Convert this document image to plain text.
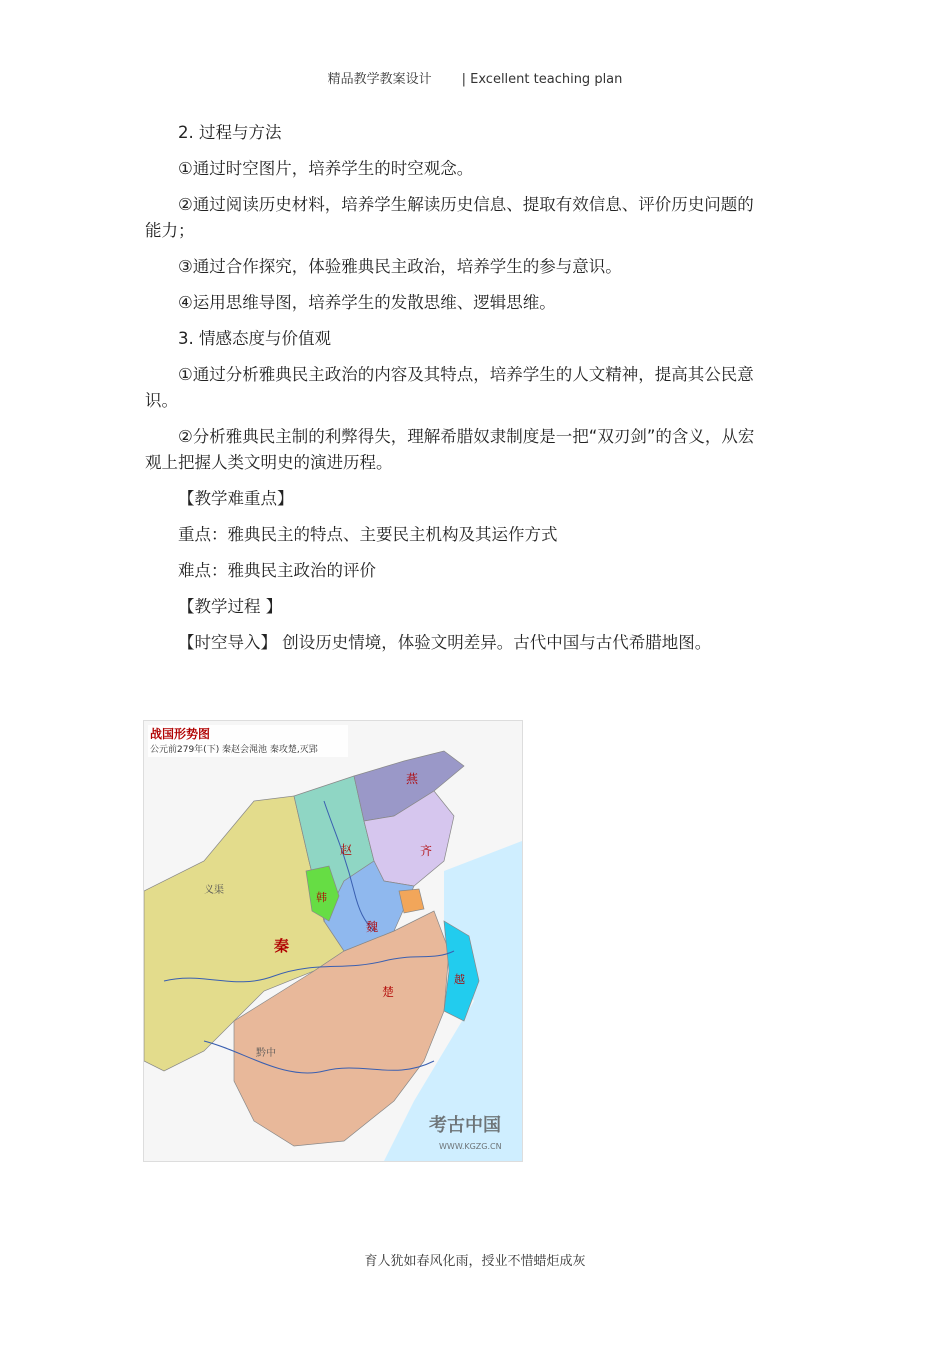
精品教学教案设计 | Excellent teaching plan

2. 过程与方法

①通过时空图片，培养学生的时空观念。

②通过阅读历史材料，培养学生解读历史信息、提取有效信息、评价历史问题的能力；

③通过合作探究，体验雅典民主政治，培养学生的参与意识。

④运用思维导图，培养学生的发散思维、逻辑思维。

3. 情感态度与价值观

①通过分析雅典民主政治的内容及其特点，培养学生的人文精神，提高其公民意识。

②分析雅典民主制的利弊得失，理解希腊奴隶制度是一把“双刃剑”的含义，从宏观上把握人类文明史的演进历程。

【教学难重点】

重点：雅典民主的特点、主要民主机构及其运作方式

难点：雅典民主政治的评价

【教学过程 】

【时空导入】 创设历史情境，体验文明差异。古代中国与古代希腊地图。

战国形势图
公元前279年(下) 秦赵会渑池 秦攻楚,灭郢
秦
楚
赵	齐
燕
魏
韩
越
义渠
黔中
考古中国
WWW.KGZG.CN
育人犹如春风化雨，授业不惜蜡炬成灰
